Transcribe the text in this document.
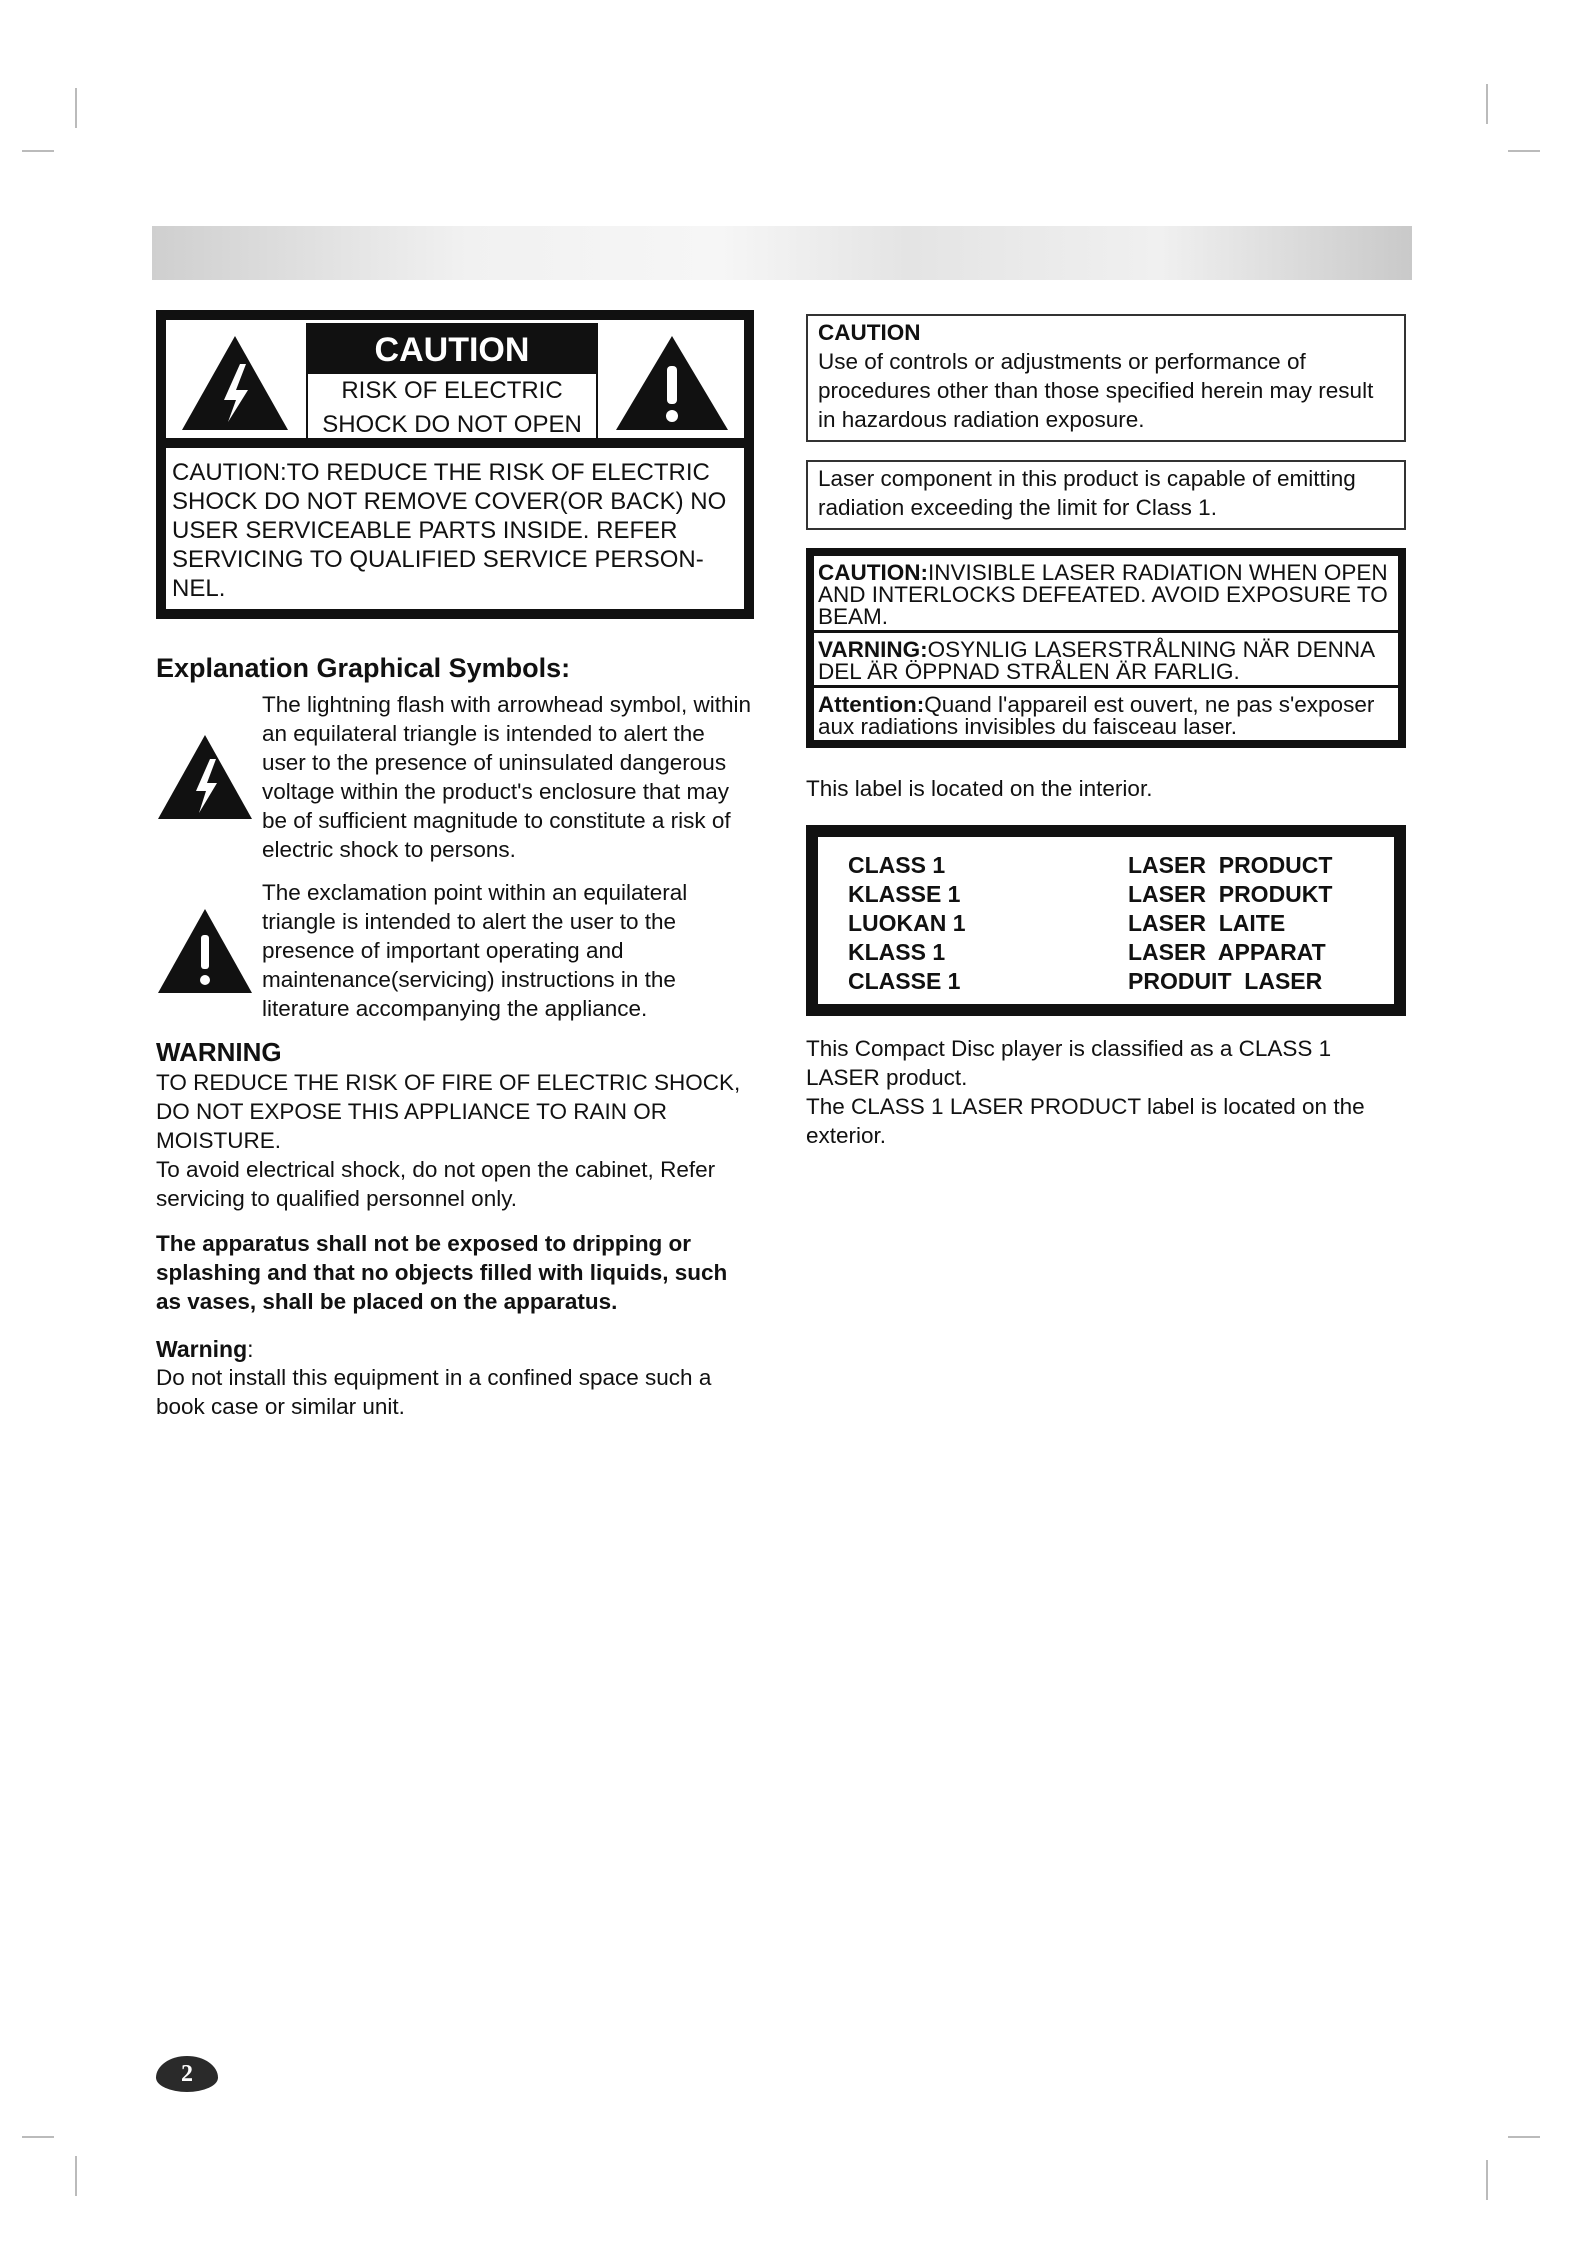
CAUTION
RISK OF ELECTRIC
SHOCK DO NOT OPEN
CAUTION:TO REDUCE THE RISK OF ELECTRIC SHOCK DO NOT REMOVE COVER(OR BACK) NO USER SERVICEABLE PARTS INSIDE. REFER SERVICING TO QUALIFIED SERVICE PERSON-NEL.
Explanation Graphical Symbols:
The lightning flash with arrowhead symbol, within an equilateral triangle is intended to alert the user to the presence of uninsulated dangerous voltage within the product's enclosure that may be of sufficient magnitude to constitute a risk of electric shock to persons.
The exclamation point within an equilateral triangle is intended to alert the user to the presence of important operating and maintenance(servicing) instructions in the literature accompanying the appliance.
WARNING
TO REDUCE THE RISK OF FIRE OF ELECTRIC SHOCK, DO NOT EXPOSE THIS APPLIANCE TO RAIN OR MOISTURE.
To avoid electrical shock, do not open the cabinet, Refer servicing to qualified personnel only.
The apparatus shall not be exposed to dripping or splashing and that no objects filled with liquids, such as vases, shall be placed on the apparatus.
Warning:
Do not install this equipment in a confined space such a book case or similar unit.
CAUTION
Use of controls or adjustments or performance of procedures other than those specified herein may result in hazardous radiation exposure.
Laser component in this product is capable of emitting radiation exceeding the limit for Class 1.
CAUTION:INVISIBLE LASER RADIATION WHEN OPEN AND INTERLOCKS DEFEATED. AVOID EXPOSURE TO BEAM.
VARNING:OSYNLIG LASERSTRÅLNING NÄR DENNA DEL ÄR ÖPPNAD STRÅLEN ÄR FARLIG.
Attention:Quand l'appareil est ouvert, ne pas s'exposer aux radiations invisibles du faisceau laser.
This label is located on the interior.
CLASS 1	LASER  PRODUCT
KLASSE 1	LASER  PRODUKT
LUOKAN 1	LASER  LAITE
KLASS 1	LASER  APPARAT
CLASSE 1	PRODUIT  LASER
This Compact Disc player is classified as a CLASS 1 LASER product.
The CLASS 1 LASER PRODUCT label is located on the exterior.
2
